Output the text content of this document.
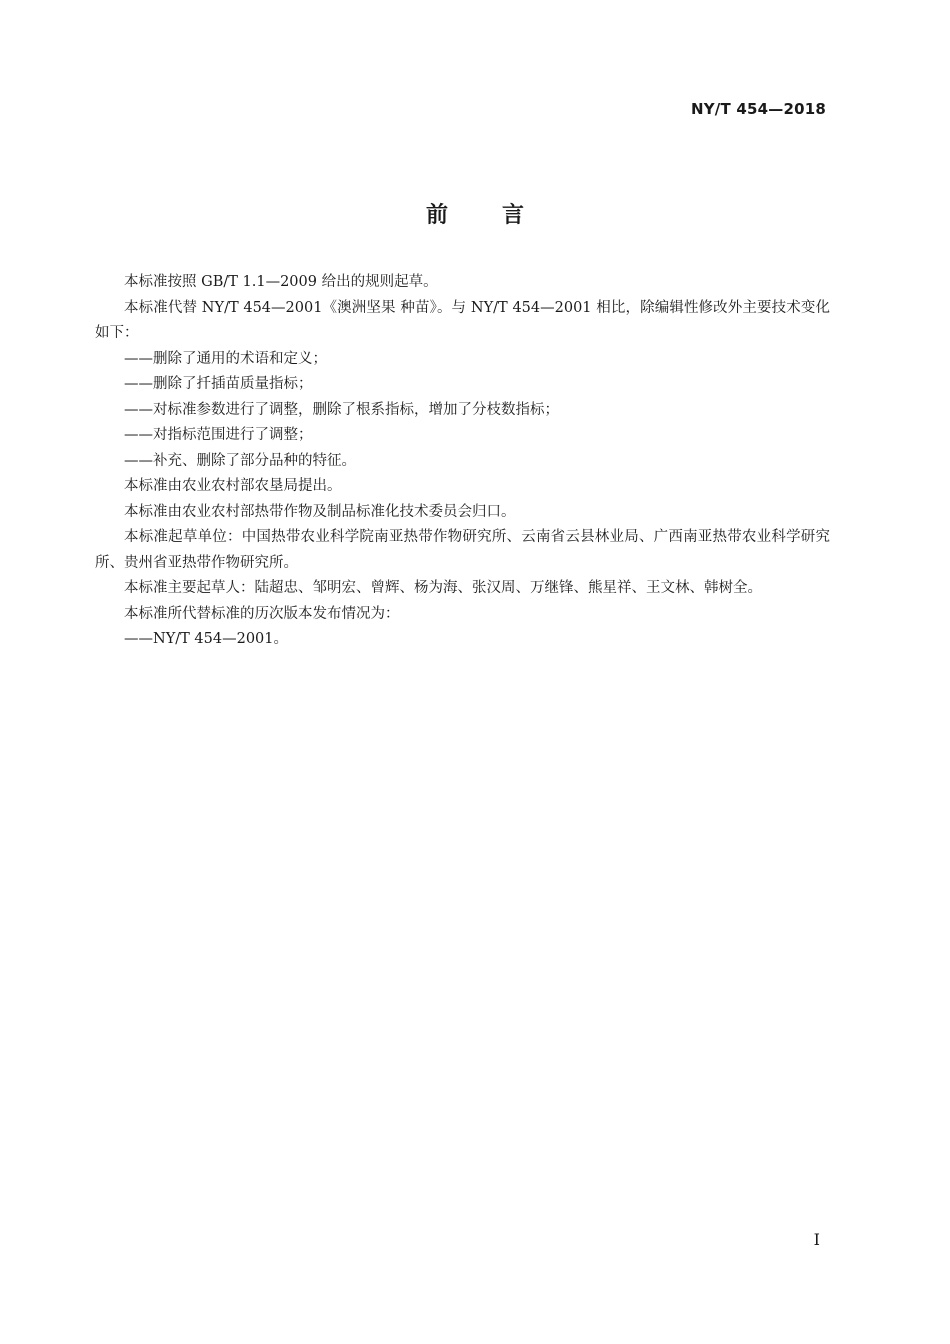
NY/T 454—2018
前 言

本标准按照 GB/T 1.1—2009 给出的规则起草。

本标准代替 NY/T 454—2001《澳洲坚果 种苗》。与 NY/T 454—2001 相比，除编辑性修改外主要技术变化如下：

——删除了通用的术语和定义；

——删除了扦插苗质量指标；

——对标准参数进行了调整，删除了根系指标，增加了分枝数指标；

——对指标范围进行了调整；

——补充、删除了部分品种的特征。

本标准由农业农村部农垦局提出。

本标准由农业农村部热带作物及制品标准化技术委员会归口。

本标准起草单位：中国热带农业科学院南亚热带作物研究所、云南省云县林业局、广西南亚热带农业科学研究所、贵州省亚热带作物研究所。

本标准主要起草人：陆超忠、邹明宏、曾辉、杨为海、张汉周、万继锋、熊星祥、王文林、韩树全。

本标准所代替标准的历次版本发布情况为：

——NY/T 454—2001。

I
